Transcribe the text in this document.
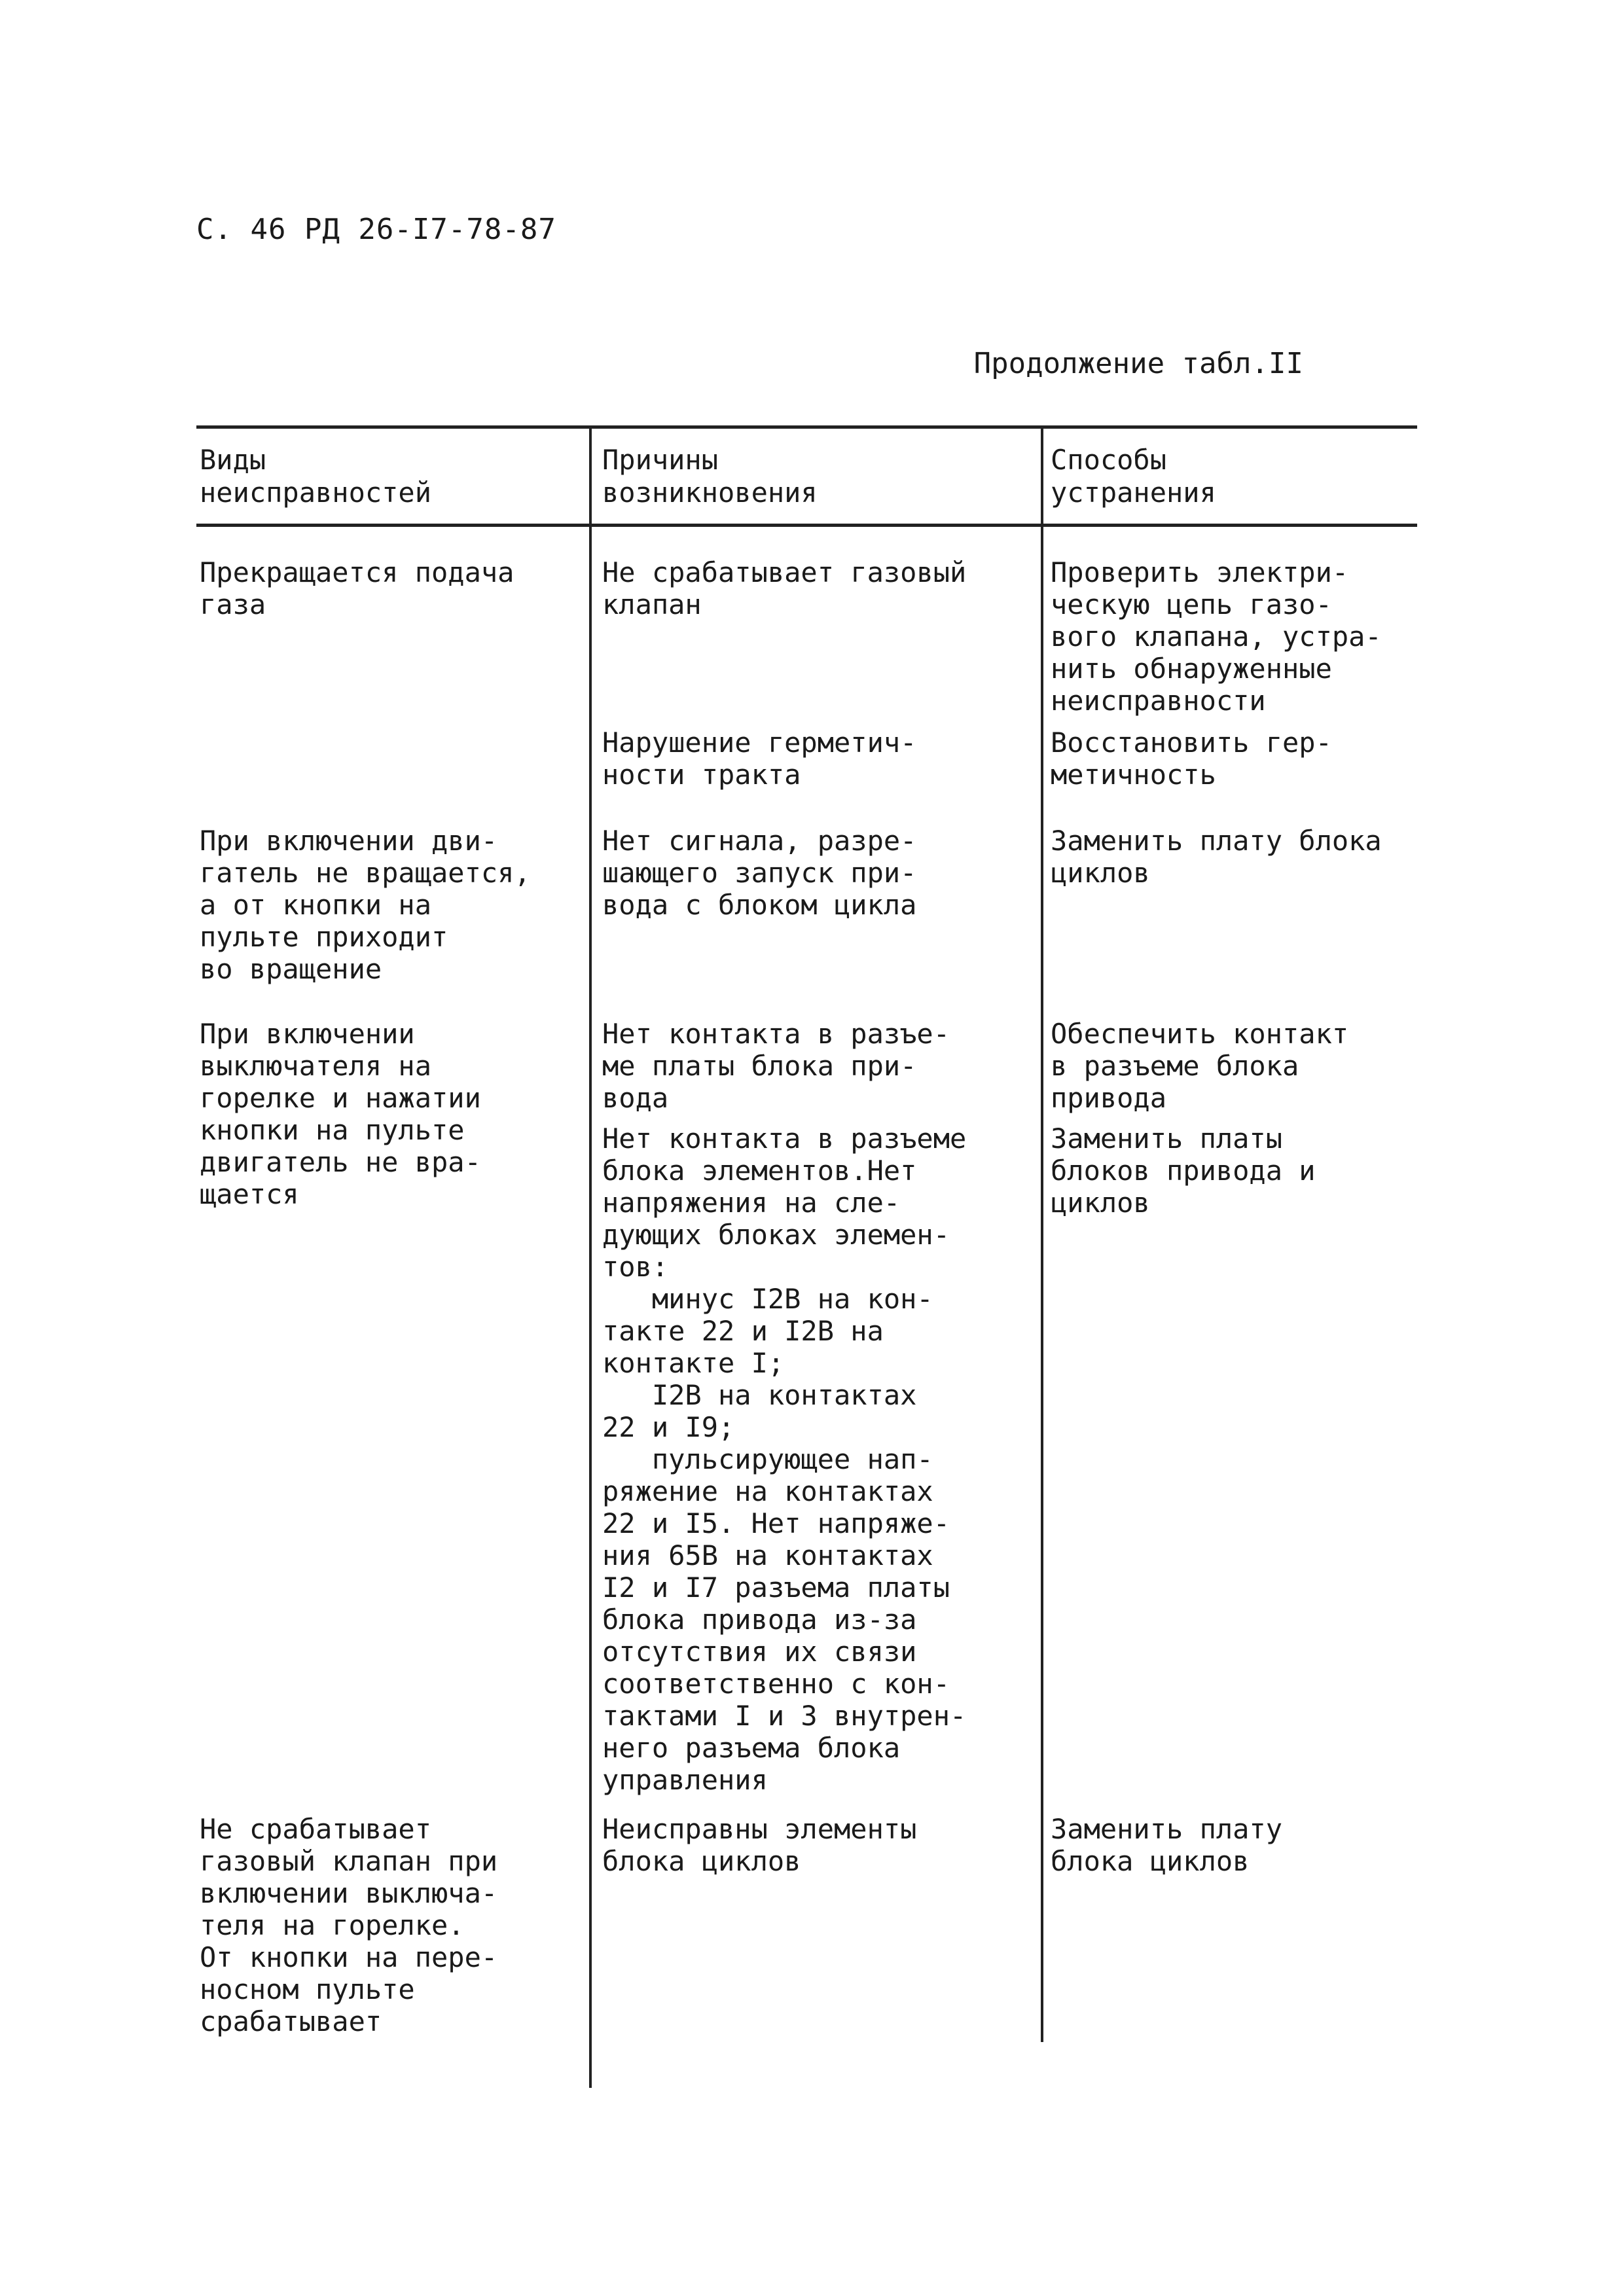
С. 46 РД 26-I7-78-87
Продолжение табл.II
Виды
неисправностей
Причины
возникновения
Способы
устранения
Прекращается подача
газа
Не срабатывает газовый
клапан
Проверить электри-
ческую цепь газо-
вого клапана, устра-
нить обнаруженные
неисправности
Нарушение герметич-
ности тракта
Восстановить гер-
метичность
При включении дви-
гатель не вращается,
а от кнопки на
пульте приходит
во вращение
Нет сигнала, разре-
шающего запуск при-
вода с блоком цикла
Заменить плату блока
циклов
При включении
выключателя на
горелке и нажатии
кнопки на пульте
двигатель не вра-
щается
Нет контакта в разъе-
ме платы блока при-
вода
Обеспечить контакт
в разъеме блока
привода
Нет контакта в разъеме
блока элементов.Нет
напряжения на сле-
дующих блоках элемен-
тов:
минус I2В на кон-
такте 22 и I2В на
контакте I;
I2В на контактах
22 и I9;
пульсирующее нап-
ряжение на контактах
22 и I5. Нет напряже-
ния 65В на контактах
I2 и I7 разъема платы
блока привода из-за
отсутствия их связи
соответственно с кон-
тактами I и 3 внутрен-
него разъема блока
управления
Заменить платы
блоков привода и
циклов
Не срабатывает
газовый клапан при
включении выключа-
теля на горелке.
От кнопки на пере-
носном пульте
срабатывает
Неисправны элементы
блока циклов
Заменить плату
блока циклов
